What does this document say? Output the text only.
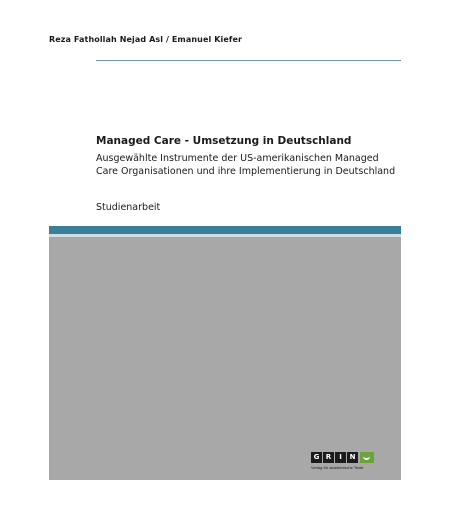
Reza Fathollah Nejad Asl / Emanuel Kiefer
Managed Care - Umsetzung in Deutschland
Ausgewählte Instrumente der US-amerikanischen Managed Care Organisationen und ihre Implementierung in Deutschland
Studienarbeit
G R	I	N
Verlag für akademische Texte
